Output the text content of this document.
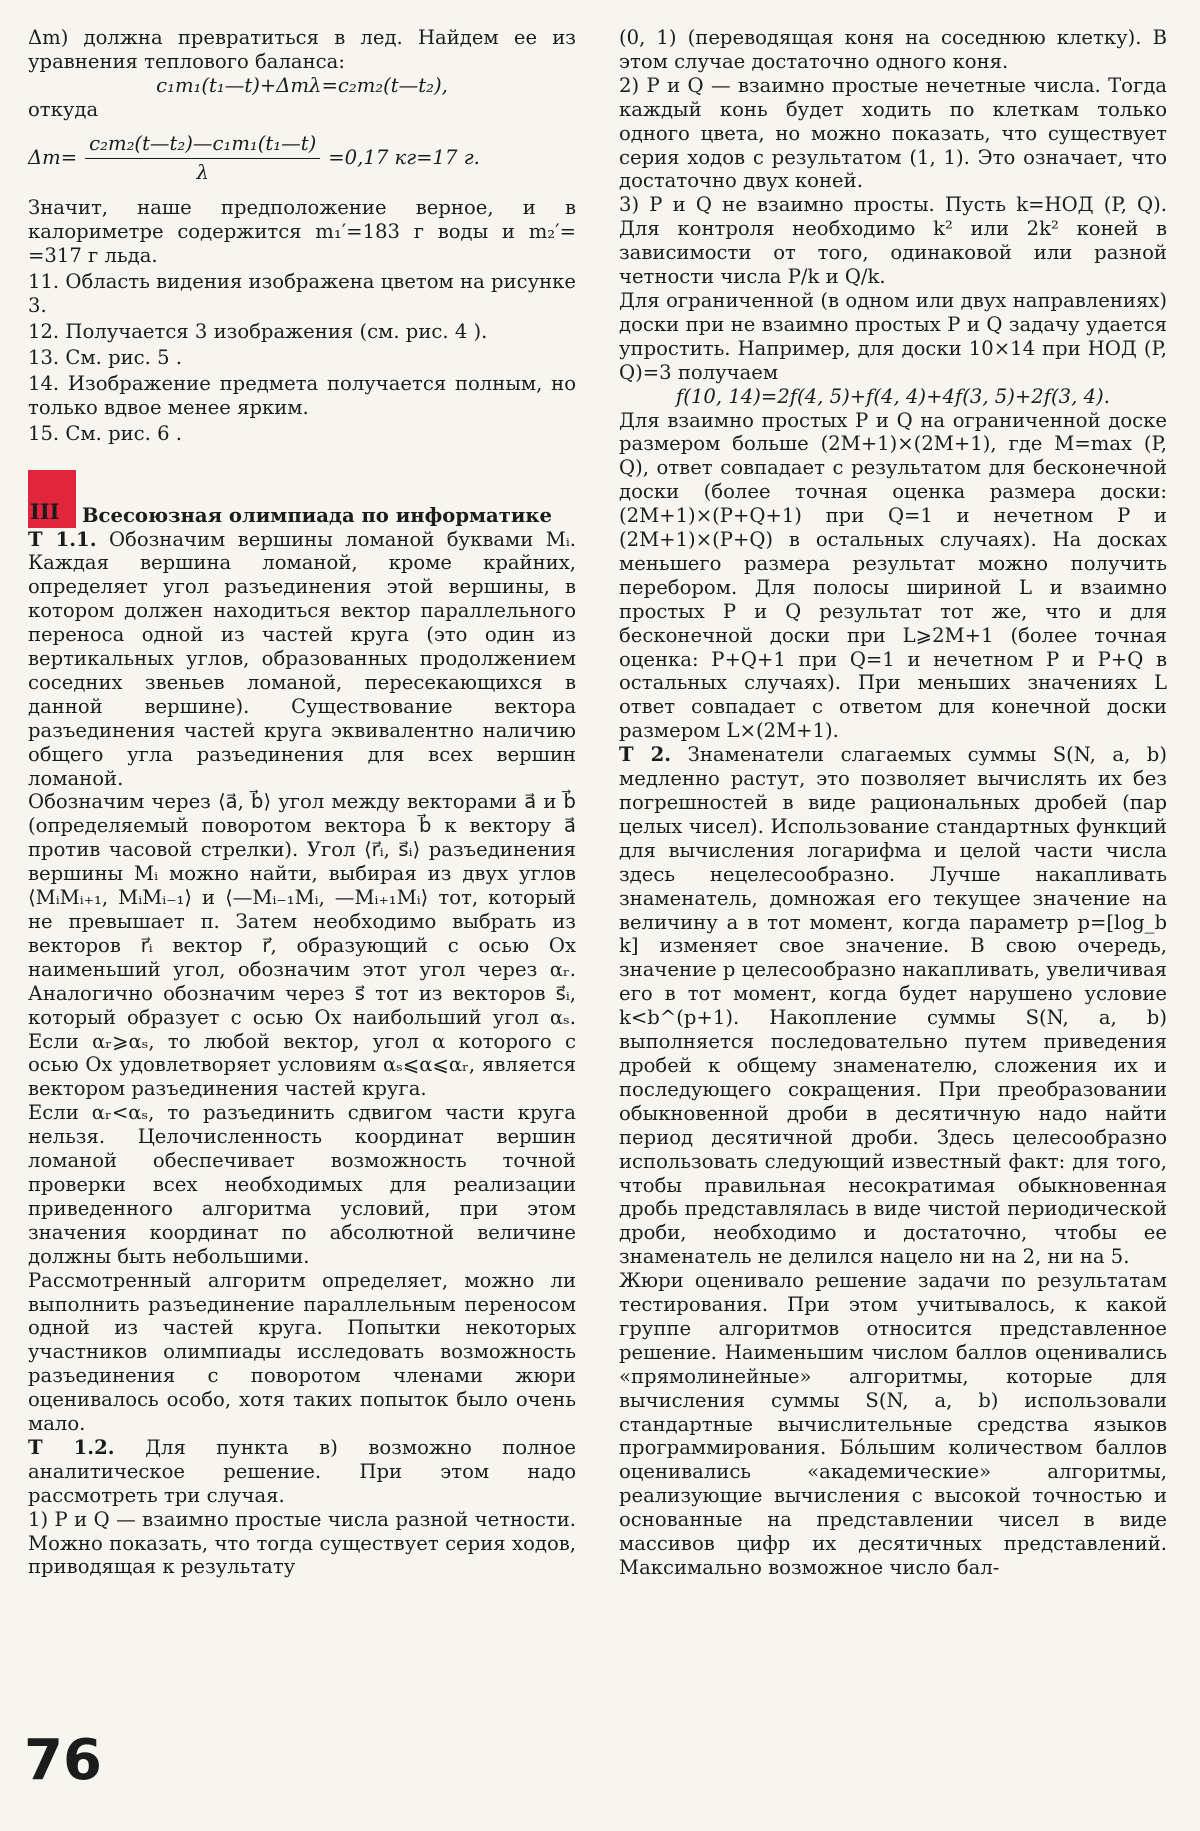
Δm) должна превратиться в лед. Найдем ее из уравнения теплового баланса:

c₁m₁(t₁—t)+Δmλ=c₂m₂(t—t₂),

откуда

$\Delta m= \frac{\text{c₂m₂(t—t₂)—c₁m₁(t₁—t)}}{\lambda} =0,17$ кг=17 г.

Значит, наше предположение верное, и в калориметре содержится m₁′=183 г воды и m₂′= =317 г льда.

11. Область видения изображена цветом на рисунке 3.

12. Получается 3 изображения (см. рис. 4 ).

13. См. рис. 5 .

14. Изображение предмета получается полным, но только вдвое менее ярким.

15. См. рис. 6 .

III Всесоюзная олимпиада по информатике

Т 1.1. Обозначим вершины ломаной буквами Mᵢ. Каждая вершина ломаной, кроме крайних, определяет угол разъединения этой вершины, в котором должен находиться вектор параллельного переноса одной из частей круга (это один из вертикальных углов, образованных продолжением соседних звеньев ломаной, пересекающихся в данной вершине). Существование вектора разъединения частей круга эквивалентно наличию общего угла разъединения для всех вершин ломаной.

Обозначим через ⟨a⃗, b⃗⟩ угол между векторами a⃗ и b⃗ (определяемый поворотом вектора b⃗ к вектору a⃗ против часовой стрелки). Угол ⟨r⃗ᵢ, s⃗ᵢ⟩ разъединения вершины Mᵢ можно найти, выбирая из двух углов ⟨MᵢMᵢ₊₁, MᵢMᵢ₋₁⟩ и ⟨—Mᵢ₋₁Mᵢ, —Mᵢ₊₁Mᵢ⟩ тот, который не превышает π. Затем необходимо выбрать из векторов r⃗ᵢ вектор r⃗, образующий с осью Ox наименьший угол, обозначим этот угол через αᵣ. Аналогично обозначим через s⃗ тот из векторов s⃗ᵢ, который образует с осью Ox наибольший угол αₛ. Если αᵣ⩾αₛ, то любой вектор, угол α которого с осью Ox удовлетворяет условиям αₛ⩽α⩽αᵣ, является вектором разъединения частей круга.

Если αᵣ<αₛ, то разъединить сдвигом части круга нельзя. Целочисленность координат вершин ломаной обеспечивает возможность точной проверки всех необходимых для реализации приведенного алгоритма условий, при этом значения координат по абсолютной величине должны быть небольшими.

Рассмотренный алгоритм определяет, можно ли выполнить разъединение параллельным переносом одной из частей круга. Попытки некоторых участников олимпиады исследовать возможность разъединения с поворотом членами жюри оценивалось особо, хотя таких попыток было очень мало.

Т 1.2. Для пункта в) возможно полное аналитическое решение. При этом надо рассмотреть три случая.

1) P и Q — взаимно простые числа разной четности. Можно показать, что тогда существует серия ходов, приводящая к результату

(0, 1) (переводящая коня на соседнюю клетку). В этом случае достаточно одного коня.

2) P и Q — взаимно простые нечетные числа. Тогда каждый конь будет ходить по клеткам только одного цвета, но можно показать, что существует серия ходов с результатом (1, 1). Это означает, что достаточно двух коней.

3) P и Q не взаимно просты. Пусть k=НОД (P, Q). Для контроля необходимо k² или 2k² коней в зависимости от того, одинаковой или разной четности числа P/k и Q/k.

Для ограниченной (в одном или двух направлениях) доски при не взаимно простых P и Q задачу удается упростить. Например, для доски 10×14 при НОД (P, Q)=3 получаем

f(10, 14)=2f(4, 5)+f(4, 4)+4f(3, 5)+2f(3, 4).

Для взаимно простых P и Q на ограниченной доске размером больше (2M+1)×(2M+1), где M=max (P, Q), ответ совпадает с результатом для бесконечной доски (более точная оценка размера доски: (2M+1)×(P+Q+1) при Q=1 и нечетном P и (2M+1)×(P+Q) в остальных случаях). На досках меньшего размера результат можно получить перебором. Для полосы шириной L и взаимно простых P и Q результат тот же, что и для бесконечной доски при L⩾2M+1 (более точная оценка: P+Q+1 при Q=1 и нечетном P и P+Q в остальных случаях). При меньших значениях L ответ совпадает с ответом для конечной доски размером L×(2M+1).

Т 2. Знаменатели слагаемых суммы S(N, a, b) медленно растут, это позволяет вычислять их без погрешностей в виде рациональных дробей (пар целых чисел). Использование стандартных функций для вычисления логарифма и целой части числа здесь нецелесообразно. Лучше накапливать знаменатель, домножая его текущее значение на величину a в тот момент, когда параметр p=[log_b k] изменяет свое значение. В свою очередь, значение p целесообразно накапливать, увеличивая его в тот момент, когда будет нарушено условие k<b^(p+1). Накопление суммы S(N, a, b) выполняется последовательно путем приведения дробей к общему знаменателю, сложения их и последующего сокращения. При преобразовании обыкновенной дроби в десятичную надо найти период десятичной дроби. Здесь целесообразно использовать следующий известный факт: для того, чтобы правильная несократимая обыкновенная дробь представлялась в виде чистой периодической дроби, необходимо и достаточно, чтобы ее знаменатель не делился нацело ни на 2, ни на 5.

Жюри оценивало решение задачи по результатам тестирования. При этом учитывалось, к какой группе алгоритмов относится представленное решение. Наименьшим числом баллов оценивались «прямолинейные» алгоритмы, которые для вычисления суммы S(N, a, b) использовали стандартные вычислительные средства языков программирования. Бо́льшим количеством баллов оценивались «академические» алгоритмы, реализующие вычисления с высокой точностью и основанные на представлении чисел в виде массивов цифр их десятичных представлений. Максимально возможное число бал-

76
